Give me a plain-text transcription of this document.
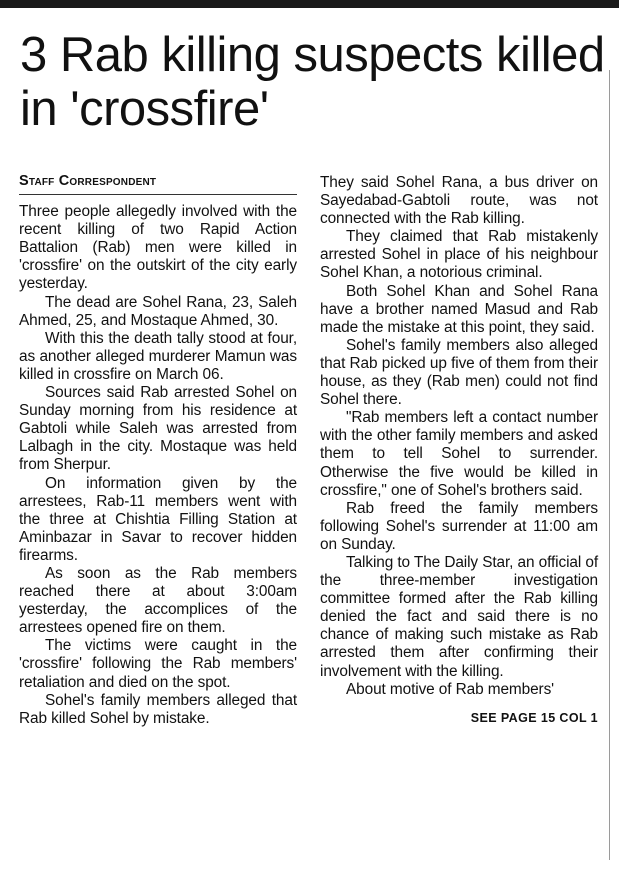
3 Rab killing suspects killed in 'crossfire'
Staff Correspondent

Three people allegedly involved with the recent killing of two Rapid Action Battalion (Rab) men were killed in 'crossfire' on the outskirt of the city early yesterday.

The dead are Sohel Rana, 23, Saleh Ahmed, 25, and Mostaque Ahmed, 30.

With this the death tally stood at four, as another alleged murderer Mamun was killed in crossfire on March 06.

Sources said Rab arrested Sohel on Sunday morning from his residence at Gabtoli while Saleh was arrested from Lalbagh in the city. Mostaque was held from Sherpur.

On information given by the arrestees, Rab-11 members went with the three at Chishtia Filling Station at Aminbazar in Savar to recover hidden firearms.

As soon as the Rab members reached there at about 3:00am yesterday, the accomplices of the arrestees opened fire on them.

The victims were caught in the 'crossfire' following the Rab members' retaliation and died on the spot.

Sohel's family members alleged that Rab killed Sohel by mistake.

They said Sohel Rana, a bus driver on Sayedabad-Gabtoli route, was not connected with the Rab killing.

They claimed that Rab mistakenly arrested Sohel in place of his neighbour Sohel Khan, a notorious criminal.

Both Sohel Khan and Sohel Rana have a brother named Masud and Rab made the mistake at this point, they said.

Sohel's family members also alleged that Rab picked up five of them from their house, as they (Rab men) could not find Sohel there.

"Rab members left a contact number with the other family members and asked them to tell Sohel to surrender. Otherwise the five would be killed in crossfire," one of Sohel's brothers said.

Rab freed the family members following Sohel's surrender at 11:00 am on Sunday.

Talking to The Daily Star, an official of the three-member investigation committee formed after the Rab killing denied the fact and said there is no chance of making such mistake as Rab arrested them after confirming their involvement with the killing.

About motive of Rab members'

SEE PAGE 15 COL 1
